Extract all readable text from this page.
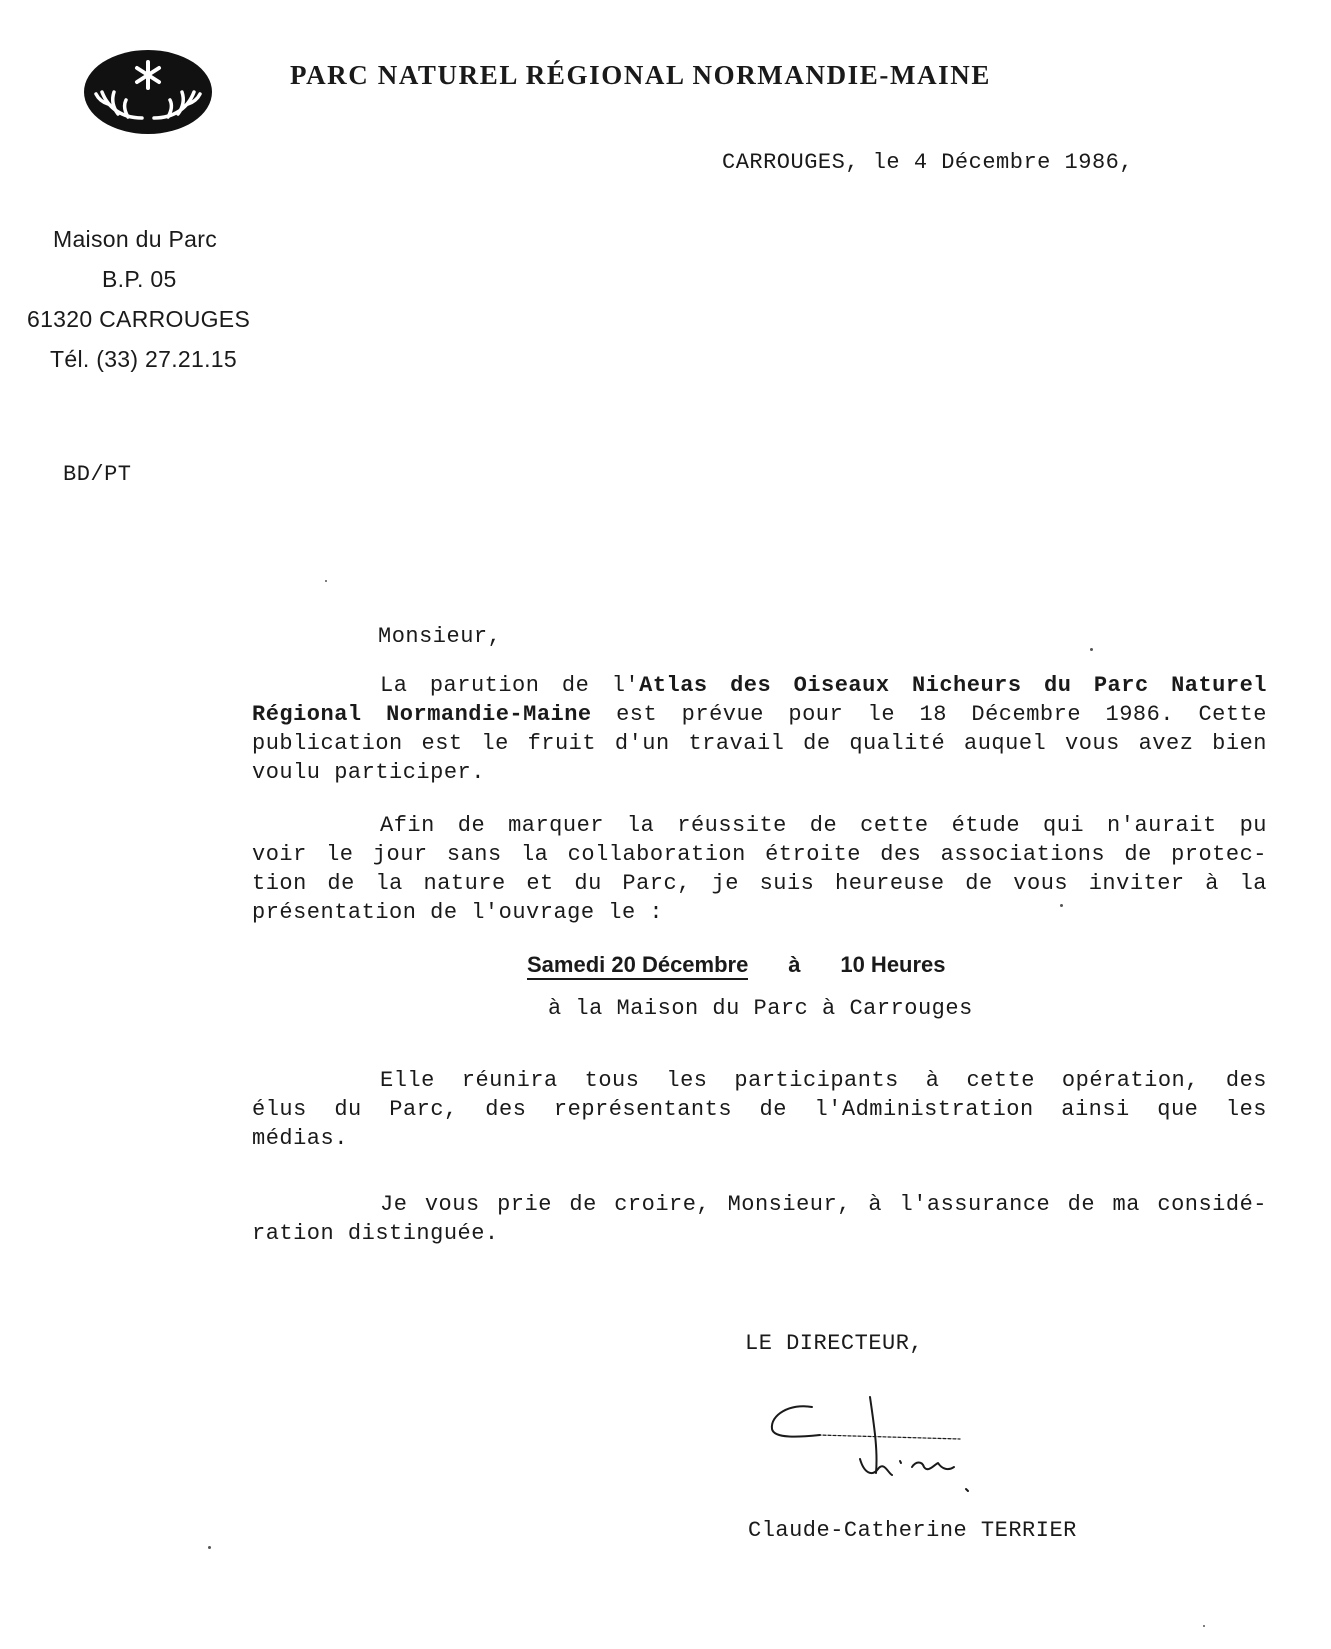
PARC NATUREL RÉGIONAL NORMANDIE-MAINE
CARROUGES, le 4 Décembre 1986,
Maison du Parc
B.P. 05
61320 CARROUGES
Tél. (33) 27.21.15
BD/PT
Monsieur,
La parution de l'Atlas des Oiseaux Nicheurs du Parc Naturel
Régional Normandie-Maine est prévue pour le 18 Décembre 1986. Cette
publication est le fruit d'un travail de qualité auquel vous avez bien
voulu participer.
Afin de marquer la réussite de cette étude qui n'aurait pu
voir le jour sans la collaboration étroite des associations de protec-
tion de la nature et du Parc, je suis heureuse de vous inviter à la
présentation de l'ouvrage le :
Samedi 20 Décembre à 10 Heures
à la Maison du Parc à Carrouges
Elle réunira tous les participants à cette opération, des
élus du Parc, des représentants de l'Administration ainsi que les
médias.
Je vous prie de croire, Monsieur, à l'assurance de ma considé-
ration distinguée.
LE DIRECTEUR,
Claude-Catherine TERRIER
